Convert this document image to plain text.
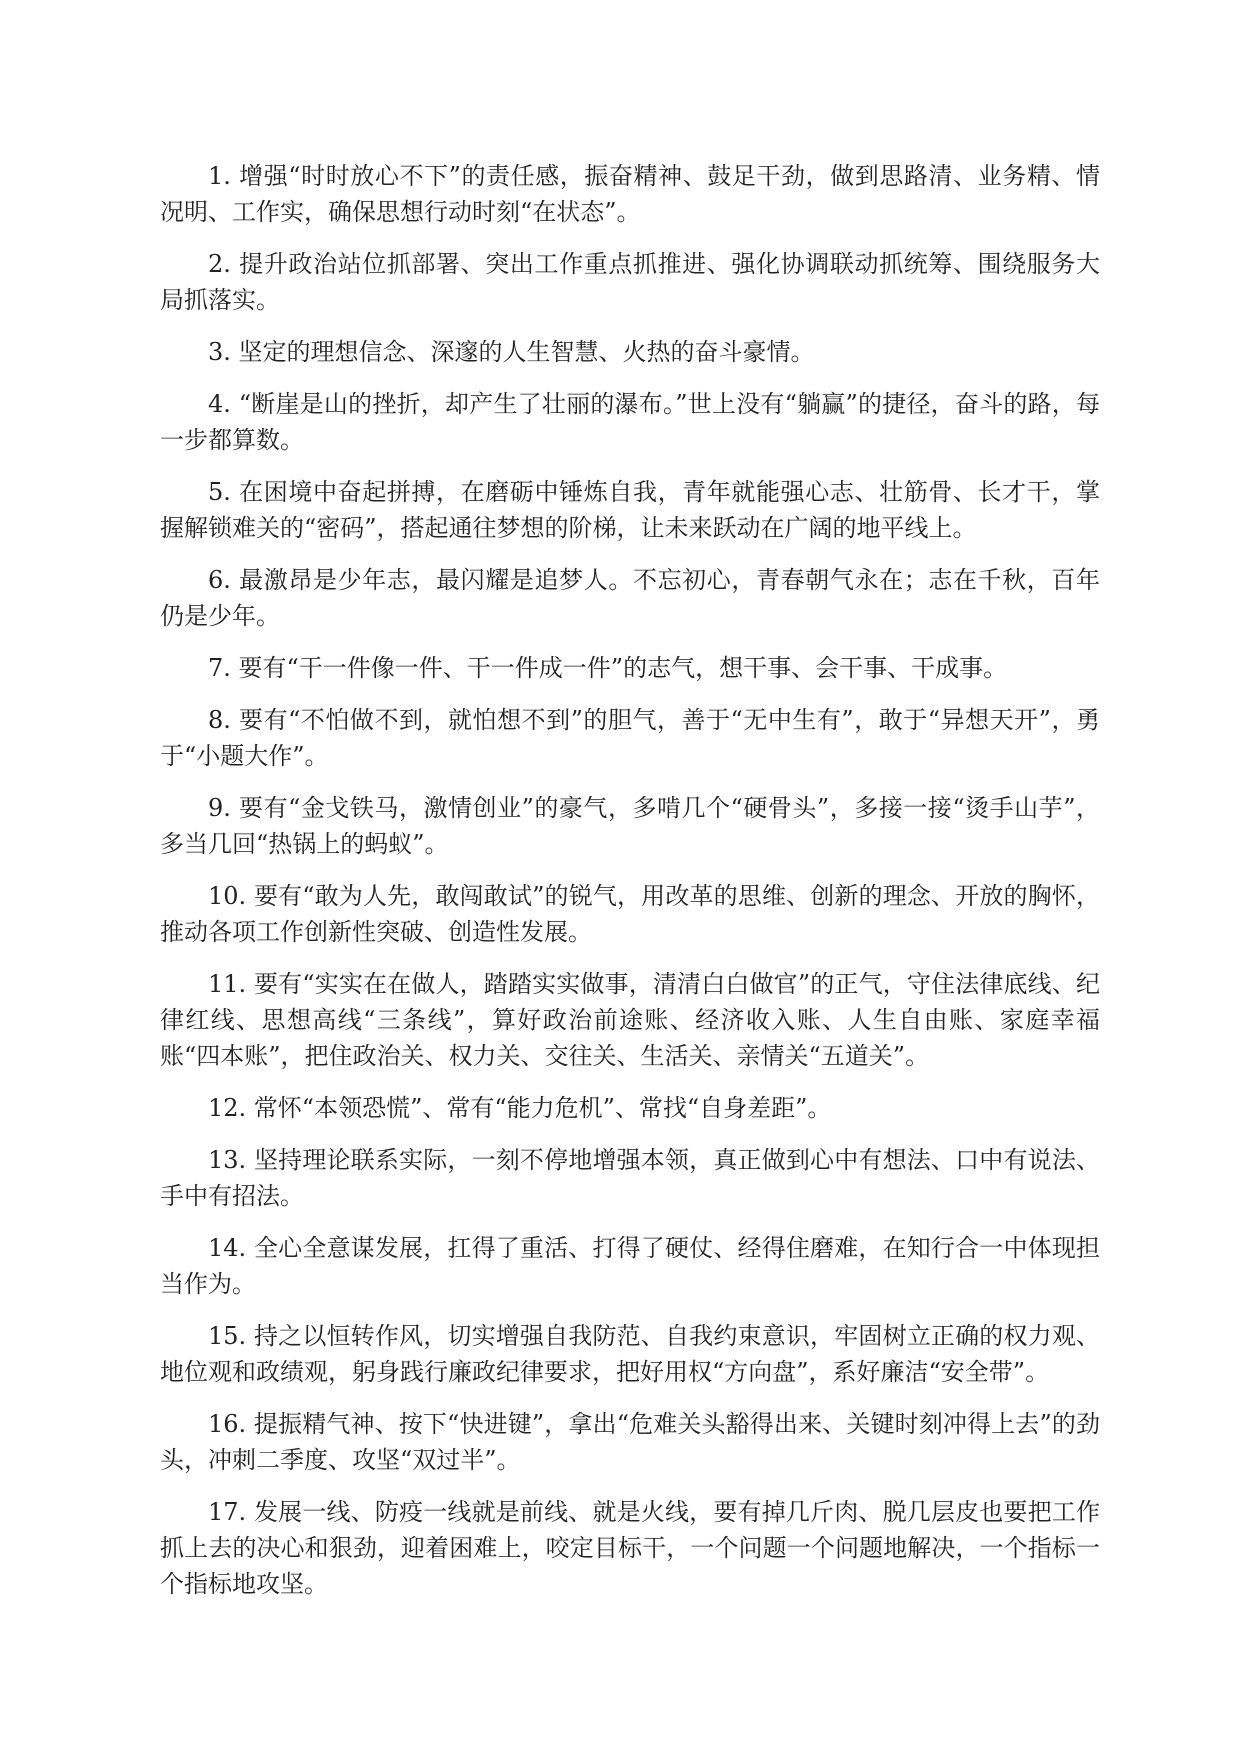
1. 增强“时时放心不下”的责任感，振奋精神、鼓足干劲，做到思路清、业务精、情况明、工作实，确保思想行动时刻“在状态”。

2. 提升政治站位抓部署、突出工作重点抓推进、强化协调联动抓统筹、围绕服务大局抓落实。

3. 坚定的理想信念、深邃的人生智慧、火热的奋斗豪情。

4. “断崖是山的挫折，却产生了壮丽的瀑布。”世上没有“躺赢”的捷径，奋斗的路，每一步都算数。

5. 在困境中奋起拼搏，在磨砺中锤炼自我，青年就能强心志、壮筋骨、长才干，掌握解锁难关的“密码”，搭起通往梦想的阶梯，让未来跃动在广阔的地平线上。

6. 最激昂是少年志，最闪耀是追梦人。不忘初心，青春朝气永在；志在千秋，百年仍是少年。

7. 要有“干一件像一件、干一件成一件”的志气，想干事、会干事、干成事。

8. 要有“不怕做不到，就怕想不到”的胆气，善于“无中生有”，敢于“异想天开”，勇于“小题大作”。

9. 要有“金戈铁马，激情创业”的豪气，多啃几个“硬骨头”，多接一接“烫手山芋”，多当几回“热锅上的蚂蚁”。

10. 要有“敢为人先，敢闯敢试”的锐气，用改革的思维、创新的理念、开放的胸怀，推动各项工作创新性突破、创造性发展。

11. 要有“实实在在做人，踏踏实实做事，清清白白做官”的正气，守住法律底线、纪律红线、思想高线“三条线”，算好政治前途账、经济收入账、人生自由账、家庭幸福账“四本账”，把住政治关、权力关、交往关、生活关、亲情关“五道关”。

12. 常怀“本领恐慌”、常有“能力危机”、常找“自身差距”。

13. 坚持理论联系实际，一刻不停地增强本领，真正做到心中有想法、口中有说法、手中有招法。

14. 全心全意谋发展，扛得了重活、打得了硬仗、经得住磨难，在知行合一中体现担当作为。

15. 持之以恒转作风，切实增强自我防范、自我约束意识，牢固树立正确的权力观、地位观和政绩观，躬身践行廉政纪律要求，把好用权“方向盘”，系好廉洁“安全带”。

16. 提振精气神、按下“快进键”，拿出“危难关头豁得出来、关键时刻冲得上去”的劲头，冲刺二季度、攻坚“双过半”。

17. 发展一线、防疫一线就是前线、就是火线，要有掉几斤肉、脱几层皮也要把工作抓上去的决心和狠劲，迎着困难上，咬定目标干，一个问题一个问题地解决，一个指标一个指标地攻坚。
